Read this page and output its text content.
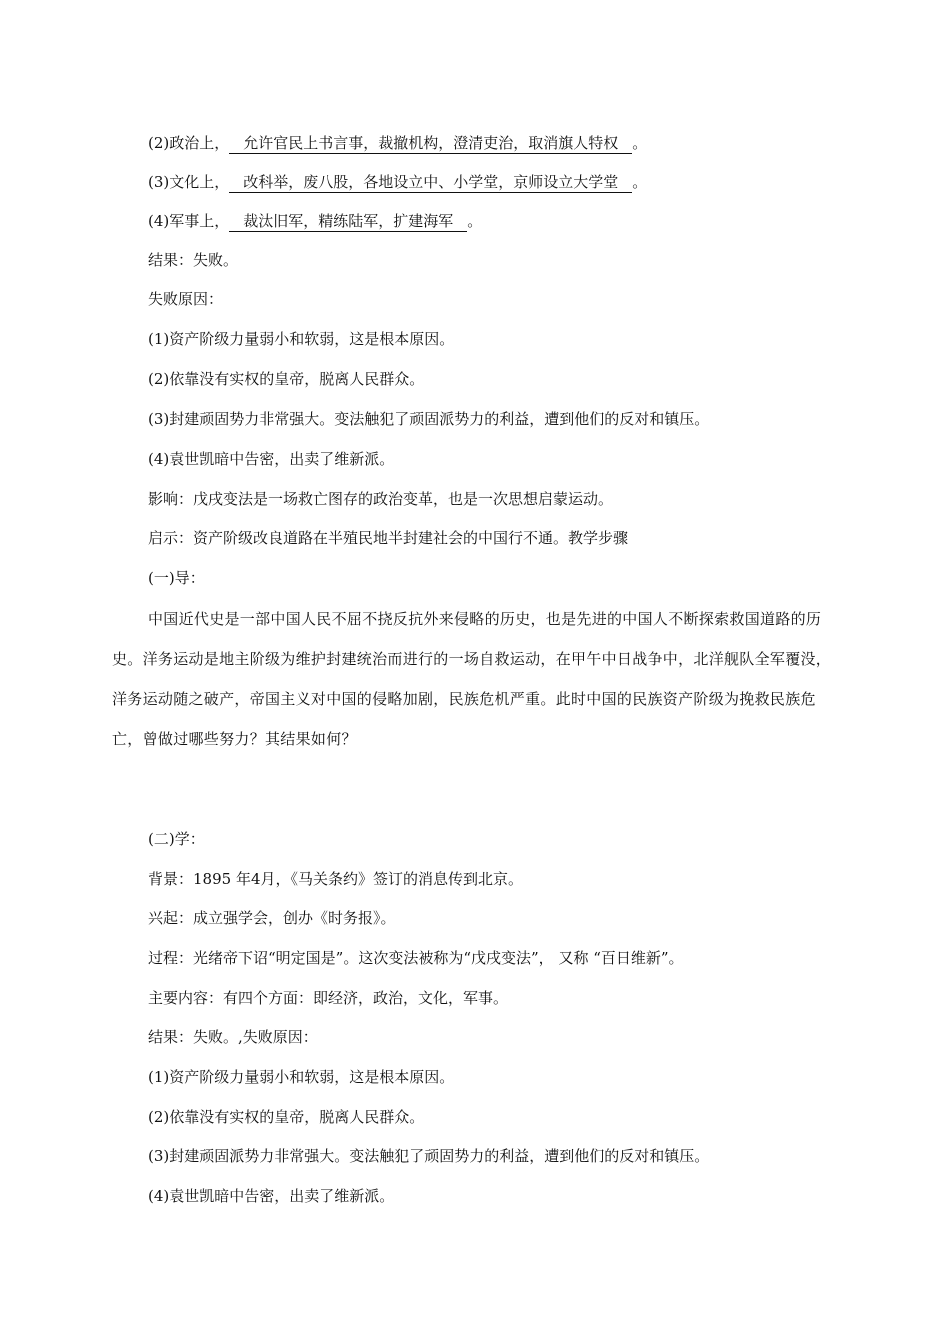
(2)政治上， 允许官民上书言事，裁撤机构，澄清吏治，取消旗人特权 。
(3)文化上， 改科举，废八股，各地设立中、小学堂，京师设立大学堂 。
(4)军事上， 裁汰旧军，精练陆军，扩建海军 。
结果：失败。
失败原因：
(1)资产阶级力量弱小和软弱，这是根本原因。
(2)依靠没有实权的皇帝，脱离人民群众。
(3)封建顽固势力非常强大。变法触犯了顽固派势力的利益，遭到他们的反对和镇压。
(4)袁世凯暗中告密，出卖了维新派。
影响：戊戌变法是一场救亡图存的政治变革，也是一次思想启蒙运动。
启示：资产阶级改良道路在半殖民地半封建社会的中国行不通。教学步骤
(一)导：
中国近代史是一部中国人民不屈不挠反抗外来侵略的历史，也是先进的中国人不断探索救国道路的历史。洋务运动是地主阶级为维护封建统治而进行的一场自救运动，在甲午中日战争中，北洋舰队全军覆没，洋务运动随之破产，帝国主义对中国的侵略加剧，民族危机严重。此时中国的民族资产阶级为挽救民族危亡，曾做过哪些努力？其结果如何？
(二)学：
背景：1895 年4月，《马关条约》签订的消息传到北京。
兴起：成立强学会，创办《时务报》。
过程：光绪帝下诏“明定国是”。这次变法被称为“戊戌变法”， 又称 “百日维新”。
主要内容：有四个方面：即经济，政治，文化，军事。
结果：失败。,失败原因：
(1)资产阶级力量弱小和软弱，这是根本原因。
(2)依靠没有实权的皇帝，脱离人民群众。
(3)封建顽固派势力非常强大。变法触犯了顽固势力的利益，遭到他们的反对和镇压。
(4)袁世凯暗中告密，出卖了维新派。
